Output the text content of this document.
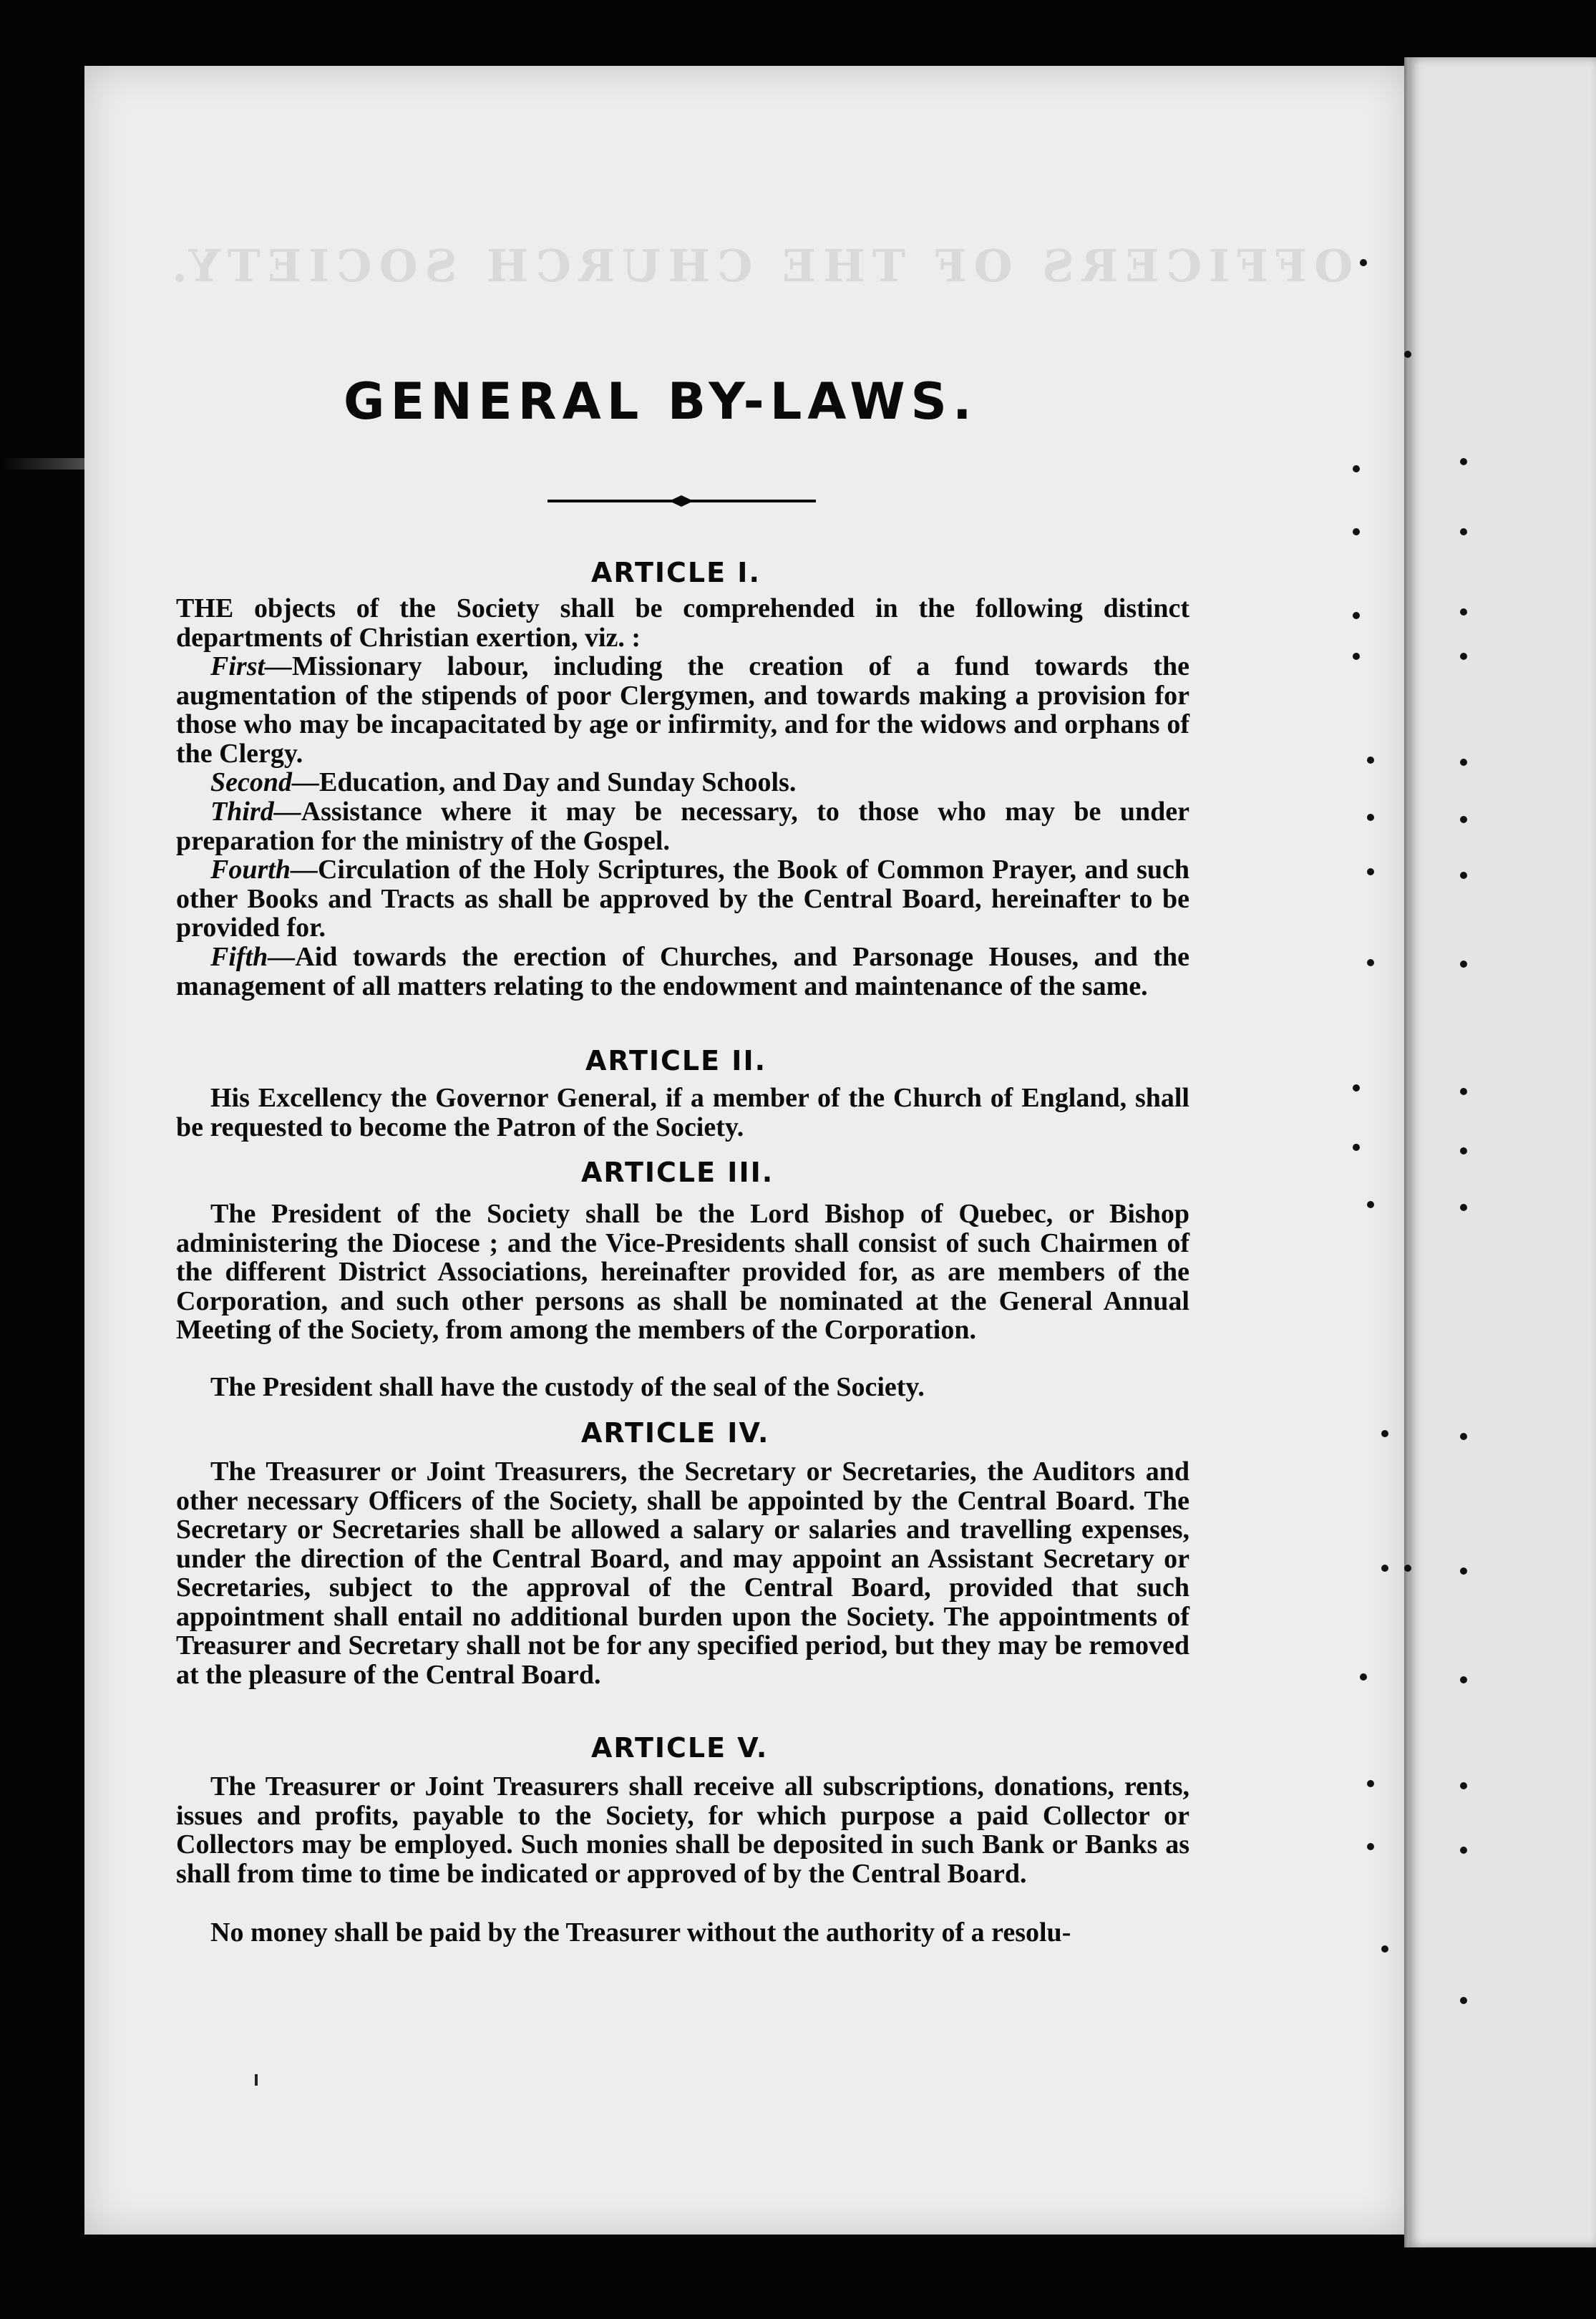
OFFICERS OF THE CHURCH SOCIETY.
GENERAL BY-LAWS.
ARTICLE I.

THE objects of the Society shall be comprehended in the following distinct departments of Christian exertion, viz. :

First—Missionary labour, including the creation of a fund towards the augmentation of the stipends of poor Clergymen, and towards making a provision for those who may be incapacitated by age or infirmity, and for the widows and orphans of the Clergy.

Second—Education, and Day and Sunday Schools.

Third—Assistance where it may be necessary, to those who may be under preparation for the ministry of the Gospel.

Fourth—Circulation of the Holy Scriptures, the Book of Common Prayer, and such other Books and Tracts as shall be approved by the Central Board, hereinafter to be provided for.

Fifth—Aid towards the erection of Churches, and Parsonage Houses, and the management of all matters relating to the endowment and maintenance of the same.

ARTICLE II.

His Excellency the Governor General, if a member of the Church of England, shall be requested to become the Patron of the Society.

ARTICLE III.

The President of the Society shall be the Lord Bishop of Quebec, or Bishop administering the Diocese ; and the Vice-Presidents shall consist of such Chairmen of the different District Associations, hereinafter provided for, as are members of the Corporation, and such other persons as shall be nominated at the General Annual Meeting of the Society, from among the members of the Corporation.

The President shall have the custody of the seal of the Society.

ARTICLE IV.

The Treasurer or Joint Treasurers, the Secretary or Secretaries, the Auditors and other necessary Officers of the Society, shall be appointed by the Central Board. The Secretary or Secretaries shall be allowed a salary or salaries and travelling expenses, under the direction of the Central Board, and may appoint an Assistant Secretary or Secretaries, subject to the approval of the Central Board, provided that such appointment shall entail no additional burden upon the Society. The appointments of Treasurer and Secretary shall not be for any specified period, but they may be removed at the pleasure of the Central Board.

ARTICLE V.

The Treasurer or Joint Treasurers shall receive all subscriptions, donations, rents, issues and profits, payable to the Society, for which purpose a paid Collector or Collectors may be employed. Such monies shall be deposited in such Bank or Banks as shall from time to time be indicated or approved of by the Central Board.

No money shall be paid by the Treasurer without the authority of a resolu-
